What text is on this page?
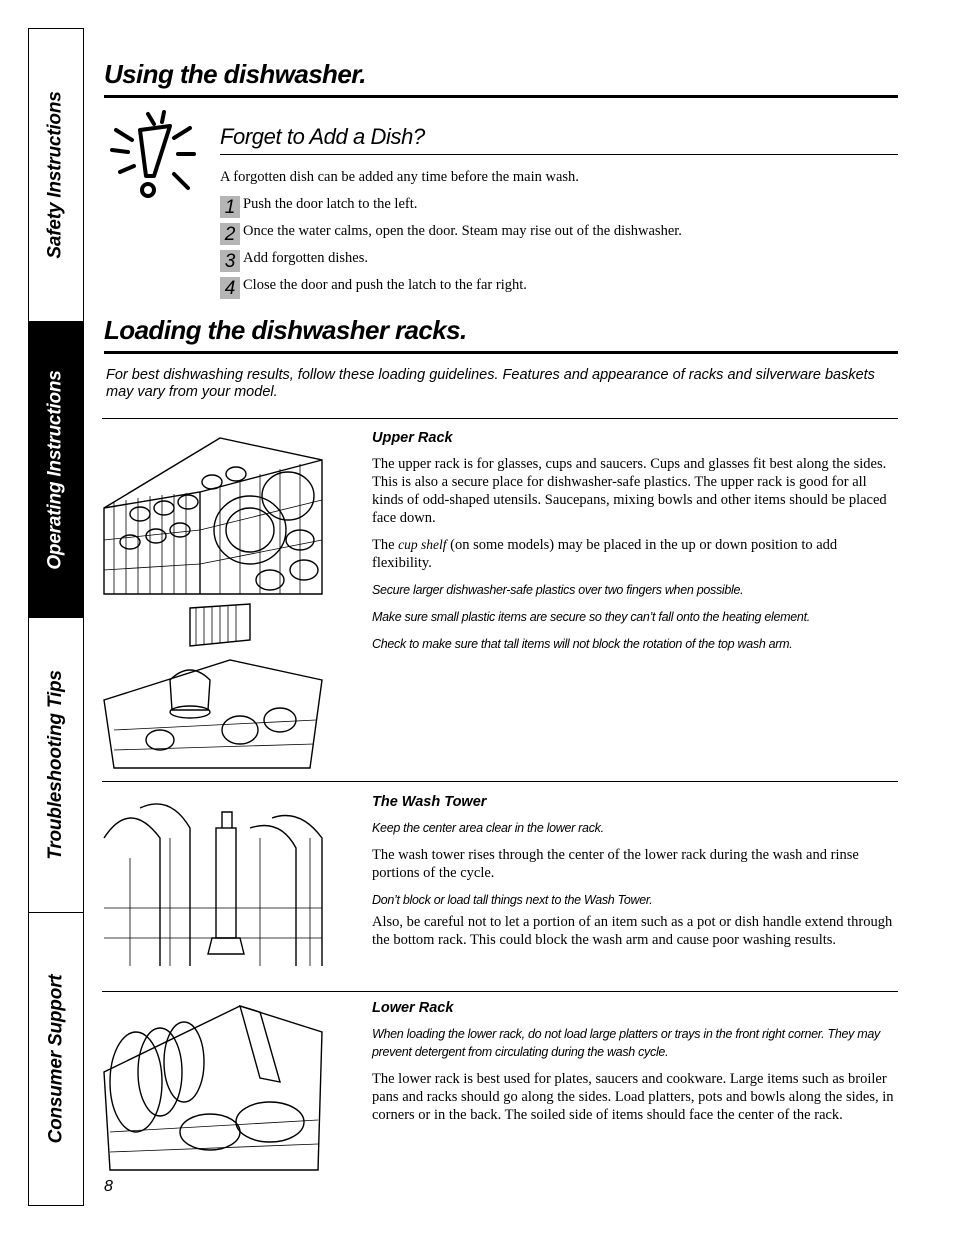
Safety Instructions
Operating Instructions
Troubleshooting Tips
Consumer Support
Using the dishwasher.
Forget to Add a Dish?
A forgotten dish can be added any time before the main wash.
1 Push the door latch to the left.
2 Once the water calms, open the door. Steam may rise out of the dishwasher.
3 Add forgotten dishes.
4 Close the door and push the latch to the far right.
Loading the dishwasher racks.
For best dishwashing results, follow these loading guidelines. Features and appearance of racks and silverware baskets may vary from your model.
Upper Rack

The upper rack is for glasses, cups and saucers. Cups and glasses fit best along the sides. This is also a secure place for dishwasher-safe plastics. The upper rack is good for all kinds of odd-shaped utensils. Saucepans, mixing bowls and other items should be placed face down.

The cup shelf (on some models) may be placed in the up or down position to add flexibility.

Secure larger dishwasher-safe plastics over two fingers when possible.
Make sure small plastic items are secure so they can’t fall onto the heating element.
Check to make sure that tall items will not block the rotation of the top wash arm.
The Wash Tower
Keep the center area clear in the lower rack.

The wash tower rises through the center of the lower rack during the wash and rinse portions of the cycle.

Don’t block or load tall things next to the Wash Tower.

Also, be careful not to let a portion of an item such as a pot or dish handle extend through the bottom rack. This could block the wash arm and cause poor washing results.

Lower Rack
When loading the lower rack, do not load large platters or trays in the front right corner. They may prevent detergent from circulating during the wash cycle.

The lower rack is best used for plates, saucers and cookware. Large items such as broiler pans and racks should go along the sides. Load platters, pots and bowls along the sides, in corners or in the back. The soiled side of items should face the center of the rack.

8
